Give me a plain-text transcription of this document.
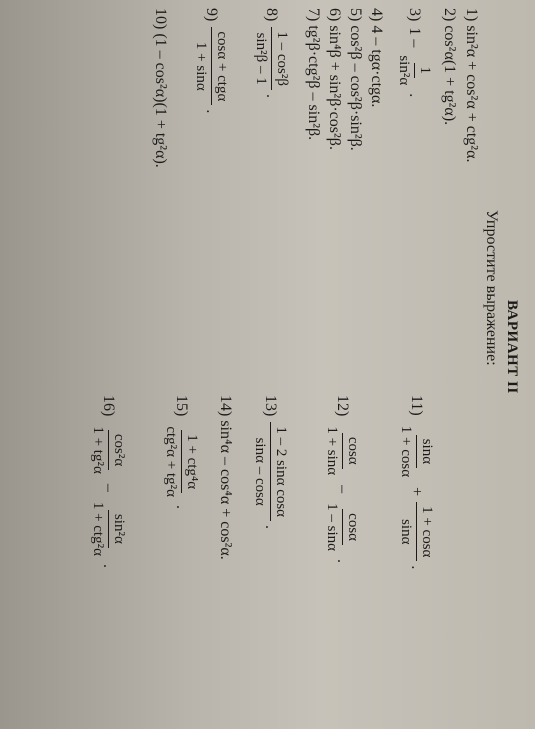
ВАРИАНТ II
Упростите выражение:
1) sin²α + cos²α + ctg²α.
2) cos²α(1 + tg²α).
3)
1 –
1
sin²α
.
4) 4 – tgα·ctgα.
5) cos²β – cos²β·sin²β.
6) sin⁴β + sin²β·cos²β.
7) tg²β·ctg²β – sin²β.
8)
1 – cos²β
sin²β – 1
.
9)
cosα + ctgα
1 + sinα
.
10) (1 – cos²α)(1 + tg²α).
11)
sinα
1 + cosα
+
1 + cosα
sinα
.
12)
cosα
1 + sinα
–
cosα
1 – sinα
.
13)
1 – 2 sinα cosα
sinα – cosα
.
14) sin⁴α – cos⁴α + cos²α.
15)
1 + ctg⁴α
ctg²α + tg²α
.
16)
cos²α
1 + tg²α
–
sin²α
1 + ctg²α
.
